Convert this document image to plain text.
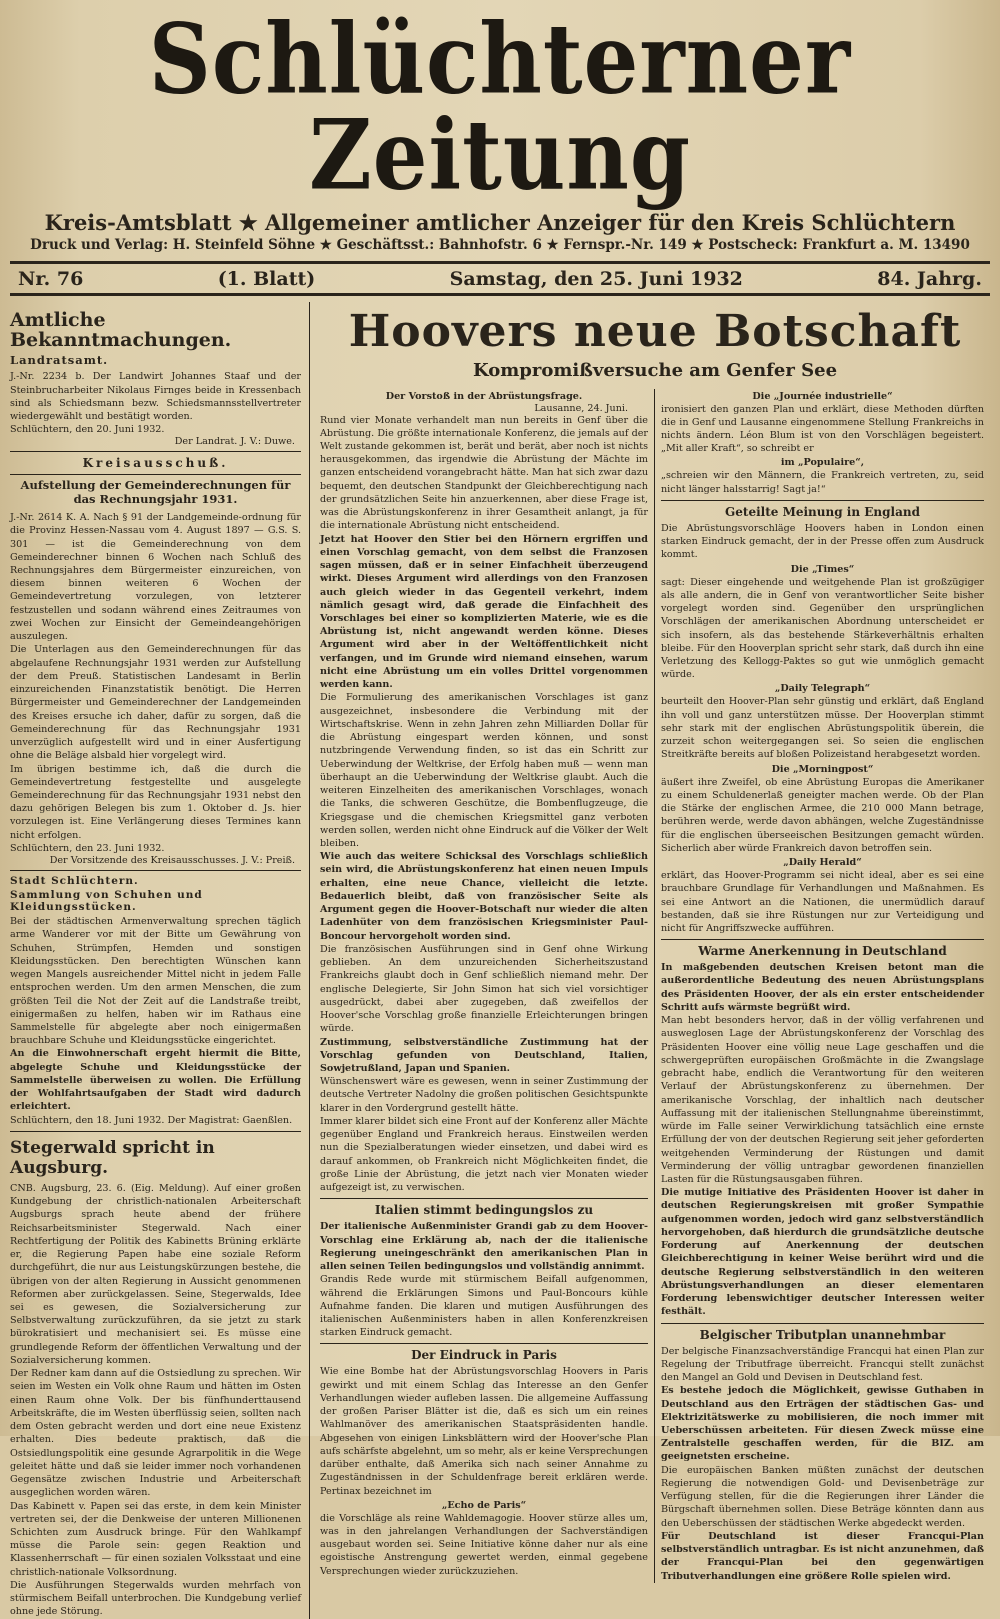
Schlüchterner Zeitung
Kreis-Amtsblatt ★ Allgemeiner amtlicher Anzeiger für den Kreis Schlüchtern
Druck und Verlag: H. Steinfeld Söhne ★ Geschäftsst.: Bahnhofstr. 6 ★ Fernspr.-Nr. 149 ★ Postscheck: Frankfurt a. M. 13490
Nr. 76	(1. Blatt)	Samstag, den 25. Juni 1932	84. Jahrg.
Amtliche Bekanntmachungen.
Landratsamt.

J.-Nr. 2234 b. Der Landwirt Johannes Staaf und der Steinbrucharbeiter Nikolaus Firnges beide in Kressenbach sind als Schiedsmann bezw. Schiedsmannsstellvertreter wiedergewählt und bestätigt worden.

Schlüchtern, den 20. Juni 1932.

Der Landrat. J. V.: Duwe.

Kreisausschuß.
Aufstellung der Gemeinderechnungen für das Rechnungsjahr 1931.

J.-Nr. 2614 K. A. Nach § 91 der Landgemeinde-ordnung für die Provinz Hessen-Nassau vom 4. August 1897 — G.S. S. 301 — ist die Gemeinderechnung von dem Gemeinderechner binnen 6 Wochen nach Schluß des Rechnungsjahres dem Bürgermeister einzureichen, von diesem binnen weiteren 6 Wochen der Gemeindevertretung vorzulegen, von letzterer festzustellen und sodann während eines Zeitraumes von zwei Wochen zur Einsicht der Gemeindeangehörigen auszulegen.

Die Unterlagen aus den Gemeinderechnungen für das abgelaufene Rechnungsjahr 1931 werden zur Aufstellung der dem Preuß. Statistischen Landesamt in Berlin einzureichenden Finanzstatistik benötigt. Die Herren Bürgermeister und Gemeinderechner der Landgemeinden des Kreises ersuche ich daher, dafür zu sorgen, daß die Gemeinderechnung für das Rechnungsjahr 1931 unverzüglich aufgestellt wird und in einer Ausfertigung ohne die Beläge alsbald hier vorgelegt wird.

Im übrigen bestimme ich, daß die durch die Gemeindevertretung festgestellte und ausgelegte Gemeinderechnung für das Rechnungsjahr 1931 nebst den dazu gehörigen Belegen bis zum 1. Oktober d. Js. hier vorzulegen ist. Eine Verlängerung dieses Termines kann nicht erfolgen.

Schlüchtern, den 23. Juni 1932.

Der Vorsitzende des Kreisausschusses. J. V.: Preiß.

Stadt Schlüchtern.
Sammlung von Schuhen und Kleidungsstücken.

Bei der städtischen Armenverwaltung sprechen täglich arme Wanderer vor mit der Bitte um Gewährung von Schuhen, Strümpfen, Hemden und sonstigen Kleidungsstücken. Den berechtigten Wünschen kann wegen Mangels ausreichender Mittel nicht in jedem Falle entsprochen werden. Um den armen Menschen, die zum größten Teil die Not der Zeit auf die Landstraße treibt, einigermaßen zu helfen, haben wir im Rathaus eine Sammelstelle für abgelegte aber noch einigermaßen brauchbare Schuhe und Kleidungsstücke eingerichtet.

An die Einwohnerschaft ergeht hiermit die Bitte, abgelegte Schuhe und Kleidungsstücke der Sammelstelle überweisen zu wollen. Die Erfüllung der Wohlfahrtsaufgaben der Stadt wird dadurch erleichtert.

Schlüchtern, den 18. Juni 1932. Der Magistrat: Gaenßlen.

Stegerwald spricht in Augsburg.

CNB. Augsburg, 23. 6. (Eig. Meldung). Auf einer großen Kundgebung der christlich-nationalen Arbeiterschaft Augsburgs sprach heute abend der frühere Reichsarbeitsminister Stegerwald. Nach einer Rechtfertigung der Politik des Kabinetts Brüning erklärte er, die Regierung Papen habe eine soziale Reform durchgeführt, die nur aus Leistungskürzungen bestehe, die übrigen von der alten Regierung in Aussicht genommenen Reformen aber zurückgelassen. Seine, Stegerwalds, Idee sei es gewesen, die Sozialversicherung zur Selbstverwaltung zurückzuführen, da sie jetzt zu stark bürokratisiert und mechanisiert sei. Es müsse eine grundlegende Reform der öffentlichen Verwaltung und der Sozialversicherung kommen.

Der Redner kam dann auf die Ostsiedlung zu sprechen. Wir seien im Westen ein Volk ohne Raum und hätten im Osten einen Raum ohne Volk. Der bis fünfhunderttausend Arbeitskräfte, die im Westen überflüssig seien, sollten nach dem Osten gebracht werden und dort eine neue Existenz erhalten. Dies bedeute praktisch, daß die Ostsiedlungspolitik eine gesunde Agrarpolitik in die Wege geleitet hätte und daß sie leider immer noch vorhandenen Gegensätze zwischen Industrie und Arbeiterschaft ausgeglichen worden wären.

Das Kabinett v. Papen sei das erste, in dem kein Minister vertreten sei, der die Denkweise der unteren Millionenen Schichten zum Ausdruck bringe. Für den Wahlkampf müsse die Parole sein: gegen Reaktion und Klassenherrschaft — für einen sozialen Volksstaat und eine christlich-nationale Volksordnung.

Die Ausführungen Stegerwalds wurden mehrfach von stürmischem Beifall unterbrochen. Die Kundgebung verlief ohne jede Störung.

Hoovers neue Botschaft
Kompromißversuche am Genfer See
Der Vorstoß in der Abrüstungsfrage.
Lausanne, 24. Juni.

Rund vier Monate verhandelt man nun bereits in Genf über die Abrüstung. Die größte internationale Konferenz, die jemals auf der Welt zustande gekommen ist, berät und berät, aber noch ist nichts herausgekommen, das irgendwie die Abrüstung der Mächte im ganzen entscheidend vorangebracht hätte. Man hat sich zwar dazu bequemt, den deutschen Standpunkt der Gleichberechtigung nach der grundsätzlichen Seite hin anzuerkennen, aber diese Frage ist, was die Abrüstungskonferenz in ihrer Gesamtheit anlangt, ja für die internationale Abrüstung nicht entscheidend.

Jetzt hat Hoover den Stier bei den Hörnern ergriffen und einen Vorschlag gemacht, von dem selbst die Franzosen sagen müssen, daß er in seiner Einfachheit überzeugend wirkt. Dieses Argument wird allerdings von den Franzosen auch gleich wieder in das Gegenteil verkehrt, indem nämlich gesagt wird, daß gerade die Einfachheit des Vorschlages bei einer so komplizierten Materie, wie es die Abrüstung ist, nicht angewandt werden könne. Dieses Argument wird aber in der Weltöffentlichkeit nicht verfangen, und im Grunde wird niemand einsehen, warum nicht eine Abrüstung um ein volles Drittel vorgenommen werden kann.

Die Formulierung des amerikanischen Vorschlages ist ganz ausgezeichnet, insbesondere die Verbindung mit der Wirtschaftskrise. Wenn in zehn Jahren zehn Milliarden Dollar für die Abrüstung eingespart werden können, und sonst nutzbringende Verwendung finden, so ist das ein Schritt zur Ueberwindung der Weltkrise, der Erfolg haben muß — wenn man überhaupt an die Ueberwindung der Weltkrise glaubt. Auch die weiteren Einzelheiten des amerikanischen Vorschlages, wonach die Tanks, die schweren Geschütze, die Bombenflugzeuge, die Kriegsgase und die chemischen Kriegsmittel ganz verboten werden sollen, werden nicht ohne Eindruck auf die Völker der Welt bleiben.

Wie auch das weitere Schicksal des Vorschlags schließlich sein wird, die Abrüstungskonferenz hat einen neuen Impuls erhalten, eine neue Chance, vielleicht die letzte. Bedauerlich bleibt, daß von französischer Seite als Argument gegen die Hoover-Botschaft nur wieder die alten Ladenhüter von dem französischen Kriegsminister Paul-Boncour hervorgeholt worden sind.

Die französischen Ausführungen sind in Genf ohne Wirkung geblieben. An dem unzureichenden Sicherheitszustand Frankreichs glaubt doch in Genf schließlich niemand mehr. Der englische Delegierte, Sir John Simon hat sich viel vorsichtiger ausgedrückt, dabei aber zugegeben, daß zweifellos der Hoover'sche Vorschlag große finanzielle Erleichterungen bringen würde.

Zustimmung, selbstverständliche Zustimmung hat der Vorschlag gefunden von Deutschland, Italien, Sowjetrußland, Japan und Spanien.

Wünschenswert wäre es gewesen, wenn in seiner Zustimmung der deutsche Vertreter Nadolny die großen politischen Gesichtspunkte klarer in den Vordergrund gestellt hätte.

Immer klarer bildet sich eine Front auf der Konferenz aller Mächte gegenüber England und Frankreich heraus. Einstweilen werden nun die Spezialberatungen wieder einsetzen, und dabei wird es darauf ankommen, ob Frankreich nicht Möglichkeiten findet, die große Linie der Abrüstung, die jetzt nach vier Monaten wieder aufgezeigt ist, zu verwischen.

Italien stimmt bedingungslos zu

Der italienische Außenminister Grandi gab zu dem Hoover-Vorschlag eine Erklärung ab, nach der die italienische Regierung uneingeschränkt den amerikanischen Plan in allen seinen Teilen bedingungslos und vollständig annimmt.

Grandis Rede wurde mit stürmischem Beifall aufgenommen, während die Erklärungen Simons und Paul-Boncours kühle Aufnahme fanden. Die klaren und mutigen Ausführungen des italienischen Außenministers haben in allen Konferenzkreisen starken Eindruck gemacht.

Der Eindruck in Paris

Wie eine Bombe hat der Abrüstungsvorschlag Hoovers in Paris gewirkt und mit einem Schlag das Interesse an den Genfer Verhandlungen wieder aufleben lassen. Die allgemeine Auffassung der großen Pariser Blätter ist die, daß es sich um ein reines Wahlmanöver des amerikanischen Staatspräsidenten handle. Abgesehen von einigen Linksblättern wird der Hoover'sche Plan aufs schärfste abgelehnt, um so mehr, als er keine Versprechungen darüber enthalte, daß Amerika sich nach seiner Annahme zu Zugeständnissen in der Schuldenfrage bereit erklären werde. Pertinax bezeichnet im

„Echo de Paris“

die Vorschläge als reine Wahldemagogie. Hoover stürze alles um, was in den jahrelangen Verhandlungen der Sachverständigen ausgebaut worden sei. Seine Initiative könne daher nur als eine egoistische Anstrengung gewertet werden, einmal gegebene Versprechungen wieder zurückzuziehen.

Die „Journée industrielle“

ironisiert den ganzen Plan und erklärt, diese Methoden dürften die in Genf und Lausanne eingenommene Stellung Frankreichs in nichts ändern. Léon Blum ist von den Vorschlägen begeistert. „Mit aller Kraft“, so schreibt er

im „Populaire“,

„schreien wir den Männern, die Frankreich vertreten, zu, seid nicht länger halsstarrig! Sagt ja!“

Geteilte Meinung in England

Die Abrüstungsvorschläge Hoovers haben in London einen starken Eindruck gemacht, der in der Presse offen zum Ausdruck kommt.

Die „Times“

sagt: Dieser eingehende und weitgehende Plan ist großzügiger als alle andern, die in Genf von verantwortlicher Seite bisher vorgelegt worden sind. Gegenüber den ursprünglichen Vorschlägen der amerikanischen Abordnung unterscheidet er sich insofern, als das bestehende Stärkeverhältnis erhalten bleibe. Für den Hooverplan spricht sehr stark, daß durch ihn eine Verletzung des Kellogg-Paktes so gut wie unmöglich gemacht würde.

„Daily Telegraph“

beurteilt den Hoover-Plan sehr günstig und erklärt, daß England ihn voll und ganz unterstützen müsse. Der Hooverplan stimmt sehr stark mit der englischen Abrüstungspolitik überein, die zurzeit schon weitergegangen sei. So seien die englischen Streitkräfte bereits auf bloßen Polizeistand herabgesetzt worden.

Die „Morningpost“

äußert ihre Zweifel, ob eine Abrüstung Europas die Amerikaner zu einem Schuldenerlaß geneigter machen werde. Ob der Plan die Stärke der englischen Armee, die 210 000 Mann betrage, berühren werde, werde davon abhängen, welche Zugeständnisse für die englischen überseeischen Besitzungen gemacht würden. Sicherlich aber würde Frankreich davon betroffen sein.

„Daily Herald“

erklärt, das Hoover-Programm sei nicht ideal, aber es sei eine brauchbare Grundlage für Verhandlungen und Maßnahmen. Es sei eine Antwort an die Nationen, die unermüdlich darauf bestanden, daß sie ihre Rüstungen nur zur Verteidigung und nicht für Angriffszwecke aufführen.

Warme Anerkennung in Deutschland

In maßgebenden deutschen Kreisen betont man die außerordentliche Bedeutung des neuen Abrüstungsplans des Präsidenten Hoover, der als ein erster entscheidender Schritt aufs wärmste begrüßt wird.

Man hebt besonders hervor, daß in der völlig verfahrenen und ausweglosen Lage der Abrüstungskonferenz der Vorschlag des Präsidenten Hoover eine völlig neue Lage geschaffen und die schwergeprüften europäischen Großmächte in die Zwangslage gebracht habe, endlich die Verantwortung für den weiteren Verlauf der Abrüstungskonferenz zu übernehmen. Der amerikanische Vorschlag, der inhaltlich nach deutscher Auffassung mit der italienischen Stellungnahme übereinstimmt, würde im Falle seiner Verwirklichung tatsächlich eine ernste Erfüllung der von der deutschen Regierung seit jeher geforderten weitgehenden Verminderung der Rüstungen und damit Verminderung der völlig untragbar gewordenen finanziellen Lasten für die Rüstungsausgaben führen.

Die mutige Initiative des Präsidenten Hoover ist daher in deutschen Regierungskreisen mit großer Sympathie aufgenommen worden, jedoch wird ganz selbstverständlich hervorgehoben, daß hierdurch die grundsätzliche deutsche Forderung auf Anerkennung der deutschen Gleichberechtigung in keiner Weise berührt wird und die deutsche Regierung selbstverständlich in den weiteren Abrüstungsverhandlungen an dieser elementaren Forderung lebenswichtiger deutscher Interessen weiter festhält.

Belgischer Tributplan unannehmbar

Der belgische Finanzsachverständige Francqui hat einen Plan zur Regelung der Tributfrage überreicht. Francqui stellt zunächst den Mangel an Gold und Devisen in Deutschland fest.

Es bestehe jedoch die Möglichkeit, gewisse Guthaben in Deutschland aus den Erträgen der städtischen Gas- und Elektrizitätswerke zu mobilisieren, die noch immer mit Ueberschüssen arbeiteten. Für diesen Zweck müsse eine Zentralstelle geschaffen werden, für die BIZ. am geeignetsten erscheine.

Die europäischen Banken müßten zunächst der deutschen Regierung die notwendigen Gold- und Devisenbeträge zur Verfügung stellen, für die die Regierungen ihrer Länder die Bürgschaft übernehmen sollen. Diese Beträge könnten dann aus den Ueberschüssen der städtischen Werke abgedeckt werden.

Für Deutschland ist dieser Francqui-Plan selbstverständlich untragbar. Es ist nicht anzunehmen, daß der Francqui-Plan bei den gegenwärtigen Tributverhandlungen eine größere Rolle spielen wird.
